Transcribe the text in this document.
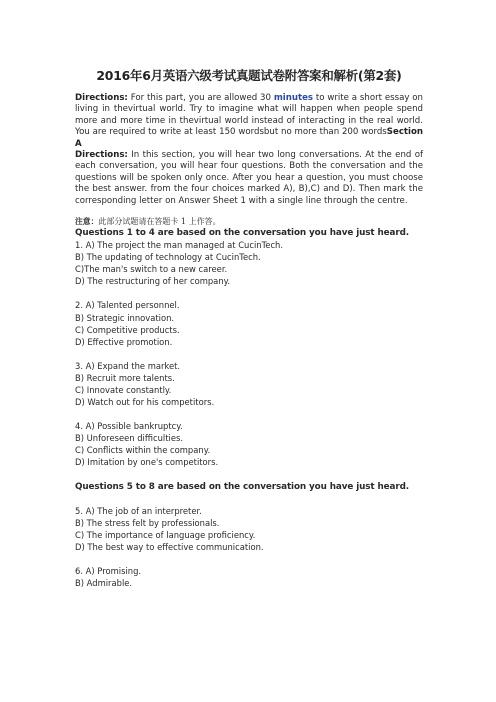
2016年6月英语六级考试真题试卷附答案和解析(第2套)

Directions: For this part, you are allowed 30 minutes to write a short essay on living in thevirtual world. Try to imagine what will happen when people spend more and more time in thevirtual world instead of interacting in the real world. You are required to write at least 150 wordsbut no more than 200 wordsSection A

Directions: In this section, you will hear two long conversations. At the end of each conversation, you will hear four questions. Both the conversation and the questions will be spoken only once. After you hear a question, you must choose the best answer. from the four choices marked A), B),C) and D). Then mark the corresponding letter on Answer Sheet 1 with a single line through the centre.

注意：此部分试题请在答题卡 1 上作答。

Questions 1 to 4 are based on the conversation you have just heard.

1. A) The project the man managed at CucinTech.

B) The updating of technology at CucinTech.

C)The man's switch to a new career.

D) The restructuring of her company.

2. A) Talented personnel.

B) Strategic innovation.

C) Competitive products.

D) Effective promotion.

3. A) Expand the market.

B) Recruit more talents.

C) Innovate constantly.

D) Watch out for his competitors.

4. A) Possible bankruptcy.

B) Unforeseen difficulties.

C) Conflicts within the company.

D) Imitation by one's competitors.

Questions 5 to 8 are based on the conversation you have just heard.

5. A) The job of an interpreter.

B) The stress felt by professionals.

C) The importance of language proficiency.

D) The best way to effective communication.

6. A) Promising.

B) Admirable.
